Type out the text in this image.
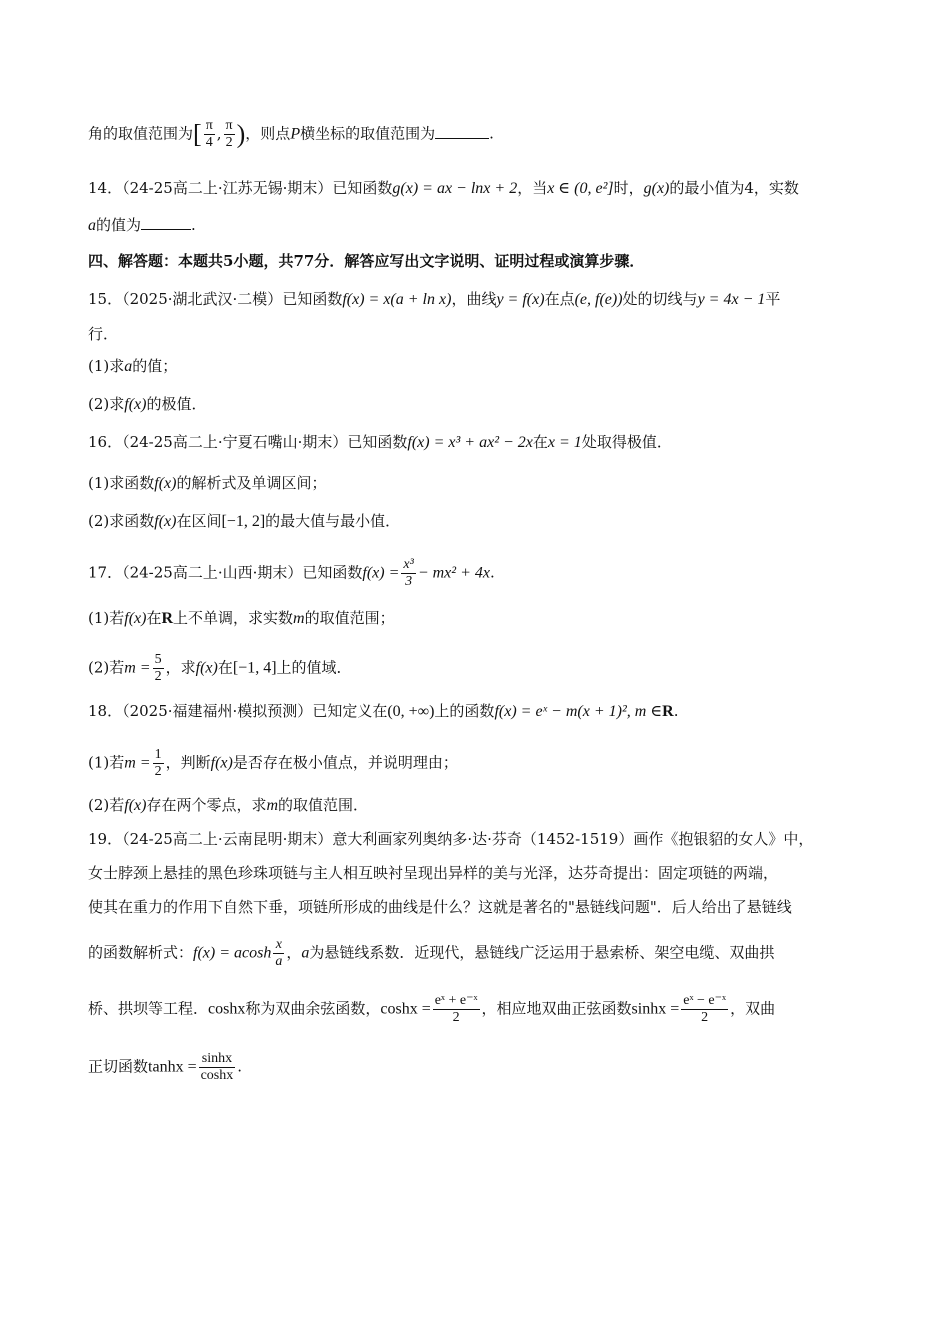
角的取值范围为[ $\frac{\pi}{4}$ , $\frac{\pi}{2}$ )，则点P横坐标的取值范围为	.
14．（24-25高二上·江苏无锡·期末）已知函数g(x) = ax − lnx + 2，当x ∈ (0, e²]时，g(x)的最小值为4，实数
a的值为	.
四、解答题：本题共5小题，共77分．解答应写出文字说明、证明过程或演算步骤．
15．（2025·湖北武汉·二模）已知函数f(x) = x(a + ln x)，曲线y = f(x)在点(e, f(e))处的切线与y = 4x − 1平
行．
(1)求a的值；
(2)求f(x)的极值．
16．（24-25高二上·宁夏石嘴山·期末）已知函数f(x) = x³ + ax² − 2x在x = 1处取得极值．
(1)求函数f(x)的解析式及单调区间；
(2)求函数f(x)在区间[−1, 2]的最大值与最小值．
17．（24-25高二上·山西·期末）已知函数$f(x) = \frac{\text{x³}}{3} - mx^2 + 4x$.
(1)若f(x)在R上不单调，求实数m的取值范围；
(2)若$m = \frac{5}{2}$ ，求f(x)在[−1, 4]上的值域．
18．（2025·福建福州·模拟预测）已知定义在(0, +∞)上的函数f(x) = eˣ − m(x + 1)², m ∈R.
(1)若$m = \frac{1}{2}$ ，判断f(x)是否存在极小值点，并说明理由；
(2)若f(x)存在两个零点，求m的取值范围．
19．（24-25高二上·云南昆明·期末）意大利画家列奥纳多·达·芬奇（1452-1519）画作《抱银貂的女人》中，
女士脖颈上悬挂的黑色珍珠项链与主人相互映衬呈现出异样的美与光泽，达芬奇提出：固定项链的两端，
使其在重力的作用下自然下垂，项链所形成的曲线是什么？这就是著名的"悬链线问题"．后人给出了悬链线
的函数解析式：f(x) = acosh $\frac{x}{a}$ ，a为悬链线系数．近现代，悬链线广泛运用于悬索桥、架空电缆、双曲拱
桥、拱坝等工程．coshx称为双曲余弦函数，$\cosh x = \frac{\text{eˣ + e⁻ˣ}}{2}$ ，相应地双曲正弦函数$\sinh x = \frac{\text{eˣ − e⁻ˣ}}{2}$ ，双曲
正切函数$\tanh x = \frac{\sinh x}{\cosh x}$ .
